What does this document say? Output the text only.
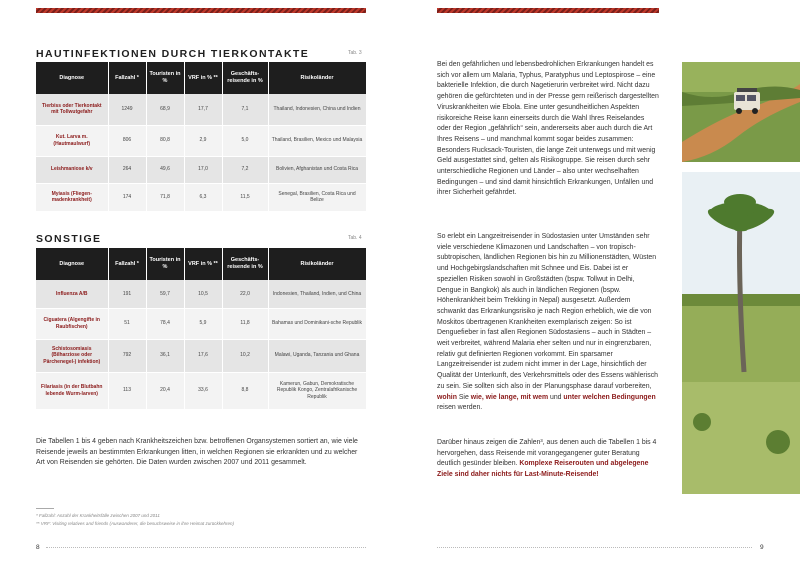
HAUTINFEKTIONEN DURCH TIERKONTAKTE	Tab. 3
Diagnose	Fallzahl *	Touristen in %	VRF in % **	Geschäfts-reisende in %	Risikoländer
Tierbiss oder Tierkontakt mit Tollwutgefahr	1249	68,9	17,7	7,1	Thailand, Indonesien, China und Indien
Kut. Larva m. (Hautmaulwurf)	806	80,8	2,9	5,0	Thailand, Brasilien, Mexico und Malaysia
Leishmaniose k/v	264	49,6	17,0	7,2	Bolivien, Afghanistan und Costa Rica
Myiasis (Fliegen-madenkrankheit)	174	71,8	6,3	11,5	Senegal, Brasilien, Costa Rica und Belize
SONSTIGE	Tab. 4
Diagnose	Fallzahl *	Touristen in %	VRF in % **	Geschäfts-reisende in %	Risikoländer
Influenza A/B	191	59,7	10,5	22,0	Indonesien, Thailand, Indien, und China
Ciguatera (Algengifte in Raubfischen)	51	78,4	5,9	11,8	Bahamas und Dominikani-sche Republik
Schistosomiasis (Bilharziose oder Pärchenegel-) infektion)	792	36,1	17,6	10,2	Malawi, Uganda, Tanzania und Ghana
Filariasis (in der Blutbahn lebende Wurm-larven)	113	20,4	33,6	8,8	Kamerun, Gabun, Demokratische Republik Kongo, Zentralafrikanische Republik
Die Tabellen 1 bis 4 geben nach Krankheitszeichen bzw. betroffenen Organsystemen sortiert an, wie viele Reisende jeweils an bestimmten Erkrankungen litten, in welchen Regionen sie erkrankten und zu welcher Art von Reisenden sie gehörten. Die Daten wurden zwischen 2007 und 2011 gesammelt.
* Fallzahl: Anzahl der Krankheitsfälle zwischen 2007 und 2011
** VRF: Visiting relatives and friends (Auswanderer, die besuchsweise in ihre Heimat zurückkehren)
8
Bei den gefährlichen und lebensbedrohlichen Erkrankungen handelt es sich vor allem um Malaria, Typhus, Paratyphus und Leptospirose – eine bakterielle Infektion, die durch Nagetierurin verbreitet wird. Nicht dazu gehören die gefürchteten und in der Presse gern reißerisch dargestellten Viruskrankheiten wie Ebola. Eine unter gesundheitlichen Aspekten risikoreiche Reise kann einerseits durch die Wahl Ihres Reiselandes oder der Region „gefährlich“ sein, andererseits aber auch durch die Art Ihres Reisens – und manchmal kommt sogar beides zusammen: Besonders Rucksack-Touristen, die lange Zeit unterwegs und mit wenig Geld ausgestattet sind, gelten als Risikogruppe. Sie reisen durch sehr unterschiedliche Regionen und Länder – also unter wechselhaften Bedingungen – und sind damit hinsichtlich Erkrankungen, Unfällen und ihrer Sicherheit gefährdet.
So erlebt ein Langzeitreisender in Südostasien unter Umständen sehr viele verschiedene Klimazonen und Landschaften – von tropisch-subtropischen, ländlichen Regionen bis hin zu Millionenstädten, Wüsten und Hochgebirgslandschaften mit Schnee und Eis. Dabei ist er speziellen Risiken sowohl in Großstädten (bspw. Tollwut in Delhi, Dengue in Bangkok) als auch in ländlichen Regionen (bspw. Höhenkrankheit beim Trekking in Nepal) ausgesetzt. Außerdem schwankt das Erkrankungsrisiko je nach Region erheblich, wie die von Moskitos übertragenen Krankheiten exemplarisch zeigen: So ist Dengueﬁeber in fast allen Regionen Südostasiens – auch in Städten – weit verbreitet, während Malaria eher selten und nur in eingrenzbaren, relativ gut deﬁnierten Regionen vorkommt. Ein sparsamer Langzeitreisender ist zudem nicht immer in der Lage, hinsichtlich der Qualität der Unterkunft, des Verkehrsmittels oder des Essens wählerisch zu sein. Sie sollten sich also in der Planungsphase darauf vorbereiten, wohin Sie wie, wie lange, mit wem und unter welchen Bedingungen reisen werden.
Darüber hinaus zeigen die Zahlen³, aus denen auch die Tabellen 1 bis 4 hervorgehen, dass Reisende mit vorangegangener guter Beratung deutlich gesünder bleiben. Komplexe Reiserouten und abgelegene Ziele sind daher nichts für Last-Minute-Reisende!
9
